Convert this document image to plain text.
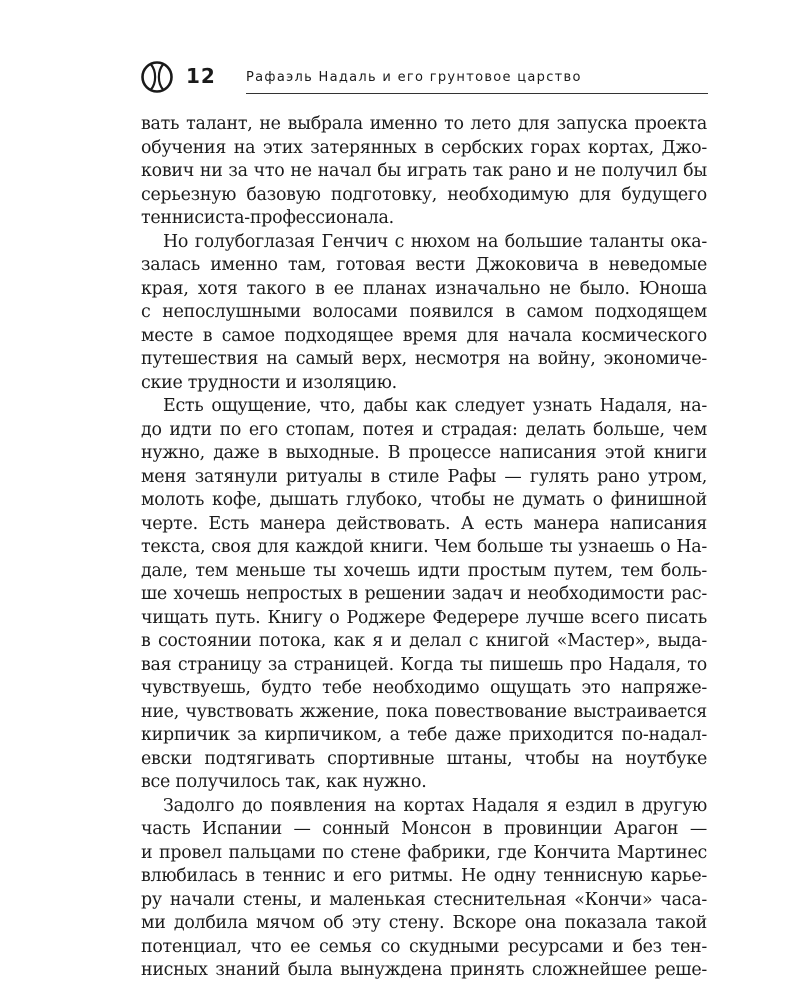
12 Рафаэль Надаль и его грунтовое царство
вать талант, не выбрала именно то лето для запуска проекта
обучения на этих затерянных в сербских горах кортах, Джо-
кович ни за что не начал бы играть так рано и не получил бы
серьезную базовую подготовку, необходимую для будущего
теннисиста-профессионала.
Но голубоглазая Генчич с нюхом на большие таланты ока-
залась именно там, готовая вести Джоковича в неведомые
края, хотя такого в ее планах изначально не было. Юноша
с непослушными волосами появился в самом подходящем
месте в самое подходящее время для начала космического
путешествия на самый верх, несмотря на войну, экономиче-
ские трудности и изоляцию.
Есть ощущение, что, дабы как следует узнать Надаля, на-
до идти по его стопам, потея и страдая: делать больше, чем
нужно, даже в выходные. В процессе написания этой книги
меня затянули ритуалы в стиле Рафы — гулять рано утром,
молоть кофе, дышать глубоко, чтобы не думать о финишной
черте. Есть манера действовать. А есть манера написания
текста, своя для каждой книги. Чем больше ты узнаешь о На-
дале, тем меньше ты хочешь идти простым путем, тем боль-
ше хочешь непростых в решении задач и необходимости рас-
чищать путь. Книгу о Роджере Федерере лучше всего писать
в состоянии потока, как я и делал с книгой «Мастер», выда-
вая страницу за страницей. Когда ты пишешь про Надаля, то
чувствуешь, будто тебе необходимо ощущать это напряже-
ние, чувствовать жжение, пока повествование выстраивается
кирпичик за кирпичиком, а тебе даже приходится по-надал-
евски подтягивать спортивные штаны, чтобы на ноутбуке
все получилось так, как нужно.
Задолго до появления на кортах Надаля я ездил в другую
часть Испании — сонный Монсон в провинции Арагон —
и провел пальцами по стене фабрики, где Кончита Мартинес
влюбилась в теннис и его ритмы. Не одну теннисную карье-
ру начали стены, и маленькая стеснительная «Кончи» часа-
ми долбила мячом об эту стену. Вскоре она показала такой
потенциал, что ее семья со скудными ресурсами и без тен-
нисных знаний была вынуждена принять сложнейшее реше-
